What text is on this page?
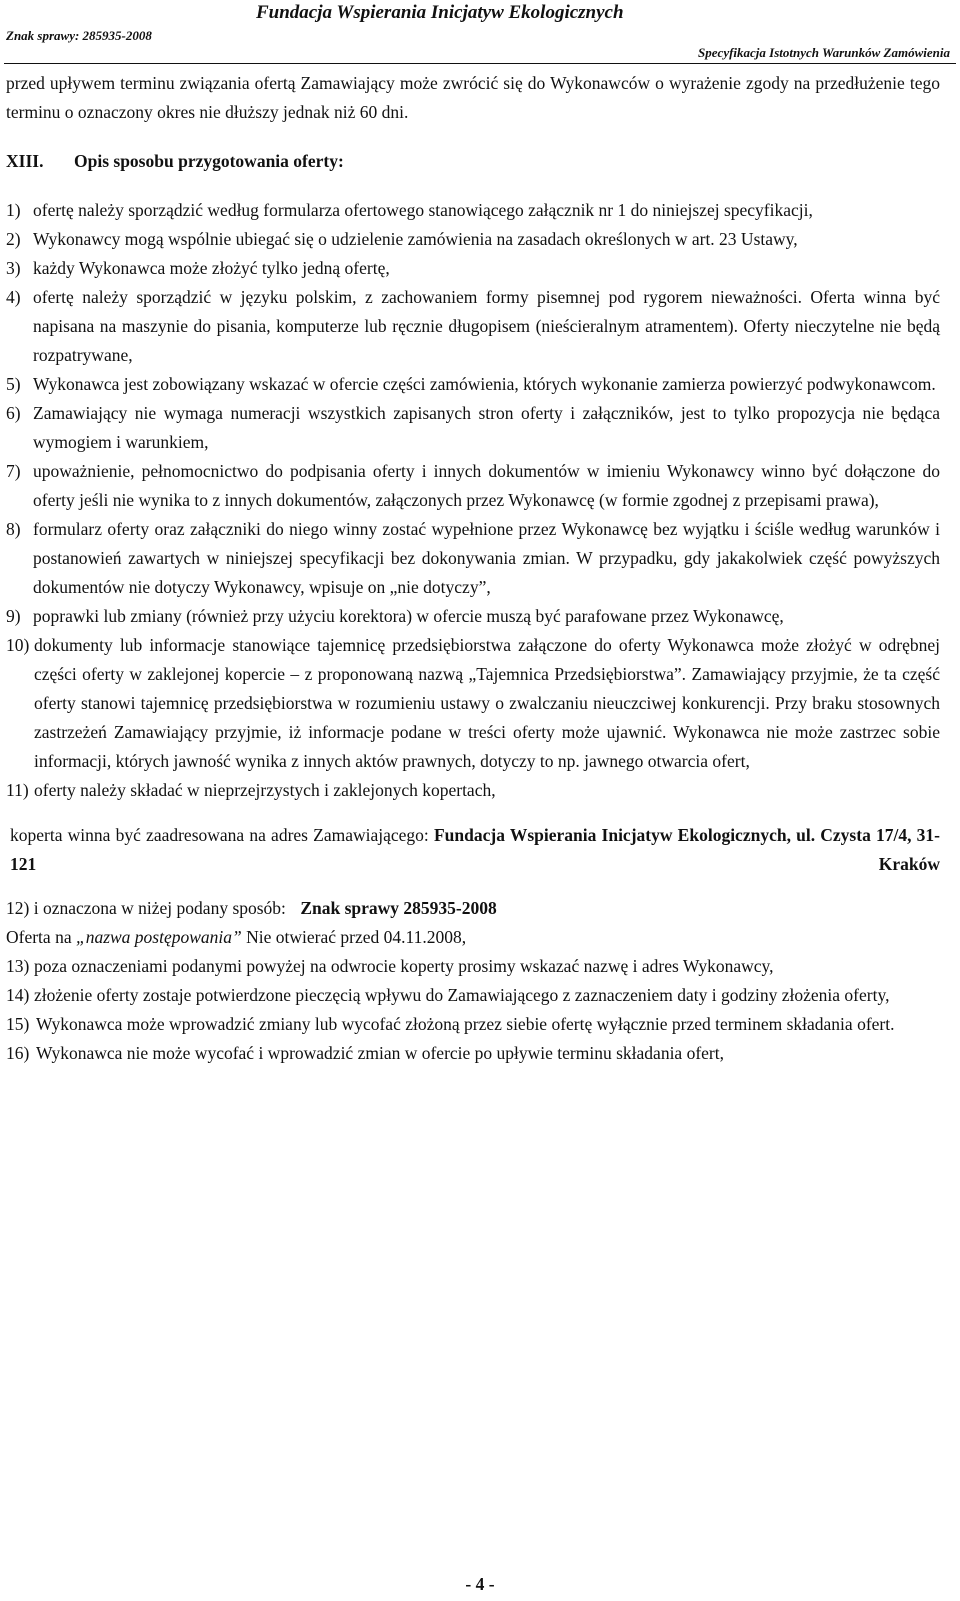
Znak sprawy: 285935-2008
Fundacja Wspierania Inicjatyw Ekologicznych
Specyfikacja Istotnych Warunków Zamówienia
przed upływem terminu związania ofertą Zamawiający może zwrócić się do Wykonawców o wyrażenie zgody na przedłużenie tego terminu o oznaczony okres nie dłuższy jednak niż 60 dni.
XIII. Opis sposobu przygotowania oferty:
1) ofertę należy sporządzić według formularza ofertowego stanowiącego załącznik nr 1 do niniejszej specyfikacji,
2) Wykonawcy mogą wspólnie ubiegać się o udzielenie zamówienia na zasadach określonych w art. 23 Ustawy,
3) każdy Wykonawca może złożyć tylko jedną ofertę,
4) ofertę należy sporządzić w języku polskim, z zachowaniem formy pisemnej pod rygorem nieważności. Oferta winna być napisana na maszynie do pisania, komputerze lub ręcznie długopisem (nieścieralnym atramentem). Oferty nieczytelne nie będą rozpatrywane,
5) Wykonawca jest zobowiązany wskazać w ofercie części zamówienia, których wykonanie zamierza powierzyć podwykonawcom.
6) Zamawiający nie wymaga numeracji wszystkich zapisanych stron oferty i załączników, jest to tylko propozycja nie będąca wymogiem i warunkiem,
7) upoważnienie, pełnomocnictwo do podpisania oferty i innych dokumentów w imieniu Wykonawcy winno być dołączone do oferty jeśli nie wynika to z innych dokumentów, załączonych przez Wykonawcę (w formie zgodnej z przepisami prawa),
8) formularz oferty oraz załączniki do niego winny zostać wypełnione przez Wykonawcę bez wyjątku i ściśle według warunków i postanowień zawartych w niniejszej specyfikacji bez dokonywania zmian. W przypadku, gdy jakakolwiek część powyższych dokumentów nie dotyczy Wykonawcy, wpisuje on „nie dotyczy”,
9) poprawki lub zmiany (również przy użyciu korektora) w ofercie muszą być parafowane przez Wykonawcę,
10) dokumenty lub informacje stanowiące tajemnicę przedsiębiorstwa załączone do oferty Wykonawca może złożyć w odrębnej części oferty w zaklejonej kopercie – z proponowaną nazwą „Tajemnica Przedsiębiorstwa”. Zamawiający przyjmie, że ta część oferty stanowi tajemnicę przedsiębiorstwa w rozumieniu ustawy o zwalczaniu nieuczciwej konkurencji. Przy braku stosownych zastrzeżeń Zamawiający przyjmie, iż informacje podane w treści oferty może ujawnić. Wykonawca nie może zastrzec sobie informacji, których jawność wynika z innych aktów prawnych, dotyczy to np. jawnego otwarcia ofert,
11) oferty należy składać w nieprzejrzystych i zaklejonych kopertach,
koperta winna być zaadresowana na adres Zamawiającego: Fundacja Wspierania Inicjatyw Ekologicznych, ul. Czysta 17/4, 31-121 Kraków
12) i oznaczona w niżej podany sposób: Znak sprawy 285935-2008
Oferta na „nazwa postępowania” Nie otwierać przed 04.11.2008,
13) poza oznaczeniami podanymi powyżej na odwrocie koperty prosimy wskazać nazwę i adres Wykonawcy,
14) złożenie oferty zostaje potwierdzone pieczęcią wpływu do Zamawiającego z zaznaczeniem daty i godziny złożenia oferty,
15) Wykonawca może wprowadzić zmiany lub wycofać złożoną przez siebie ofertę wyłącznie przed terminem składania ofert.
16) Wykonawca nie może wycofać i wprowadzić zmian w ofercie po upływie terminu składania ofert,
- 4 -
